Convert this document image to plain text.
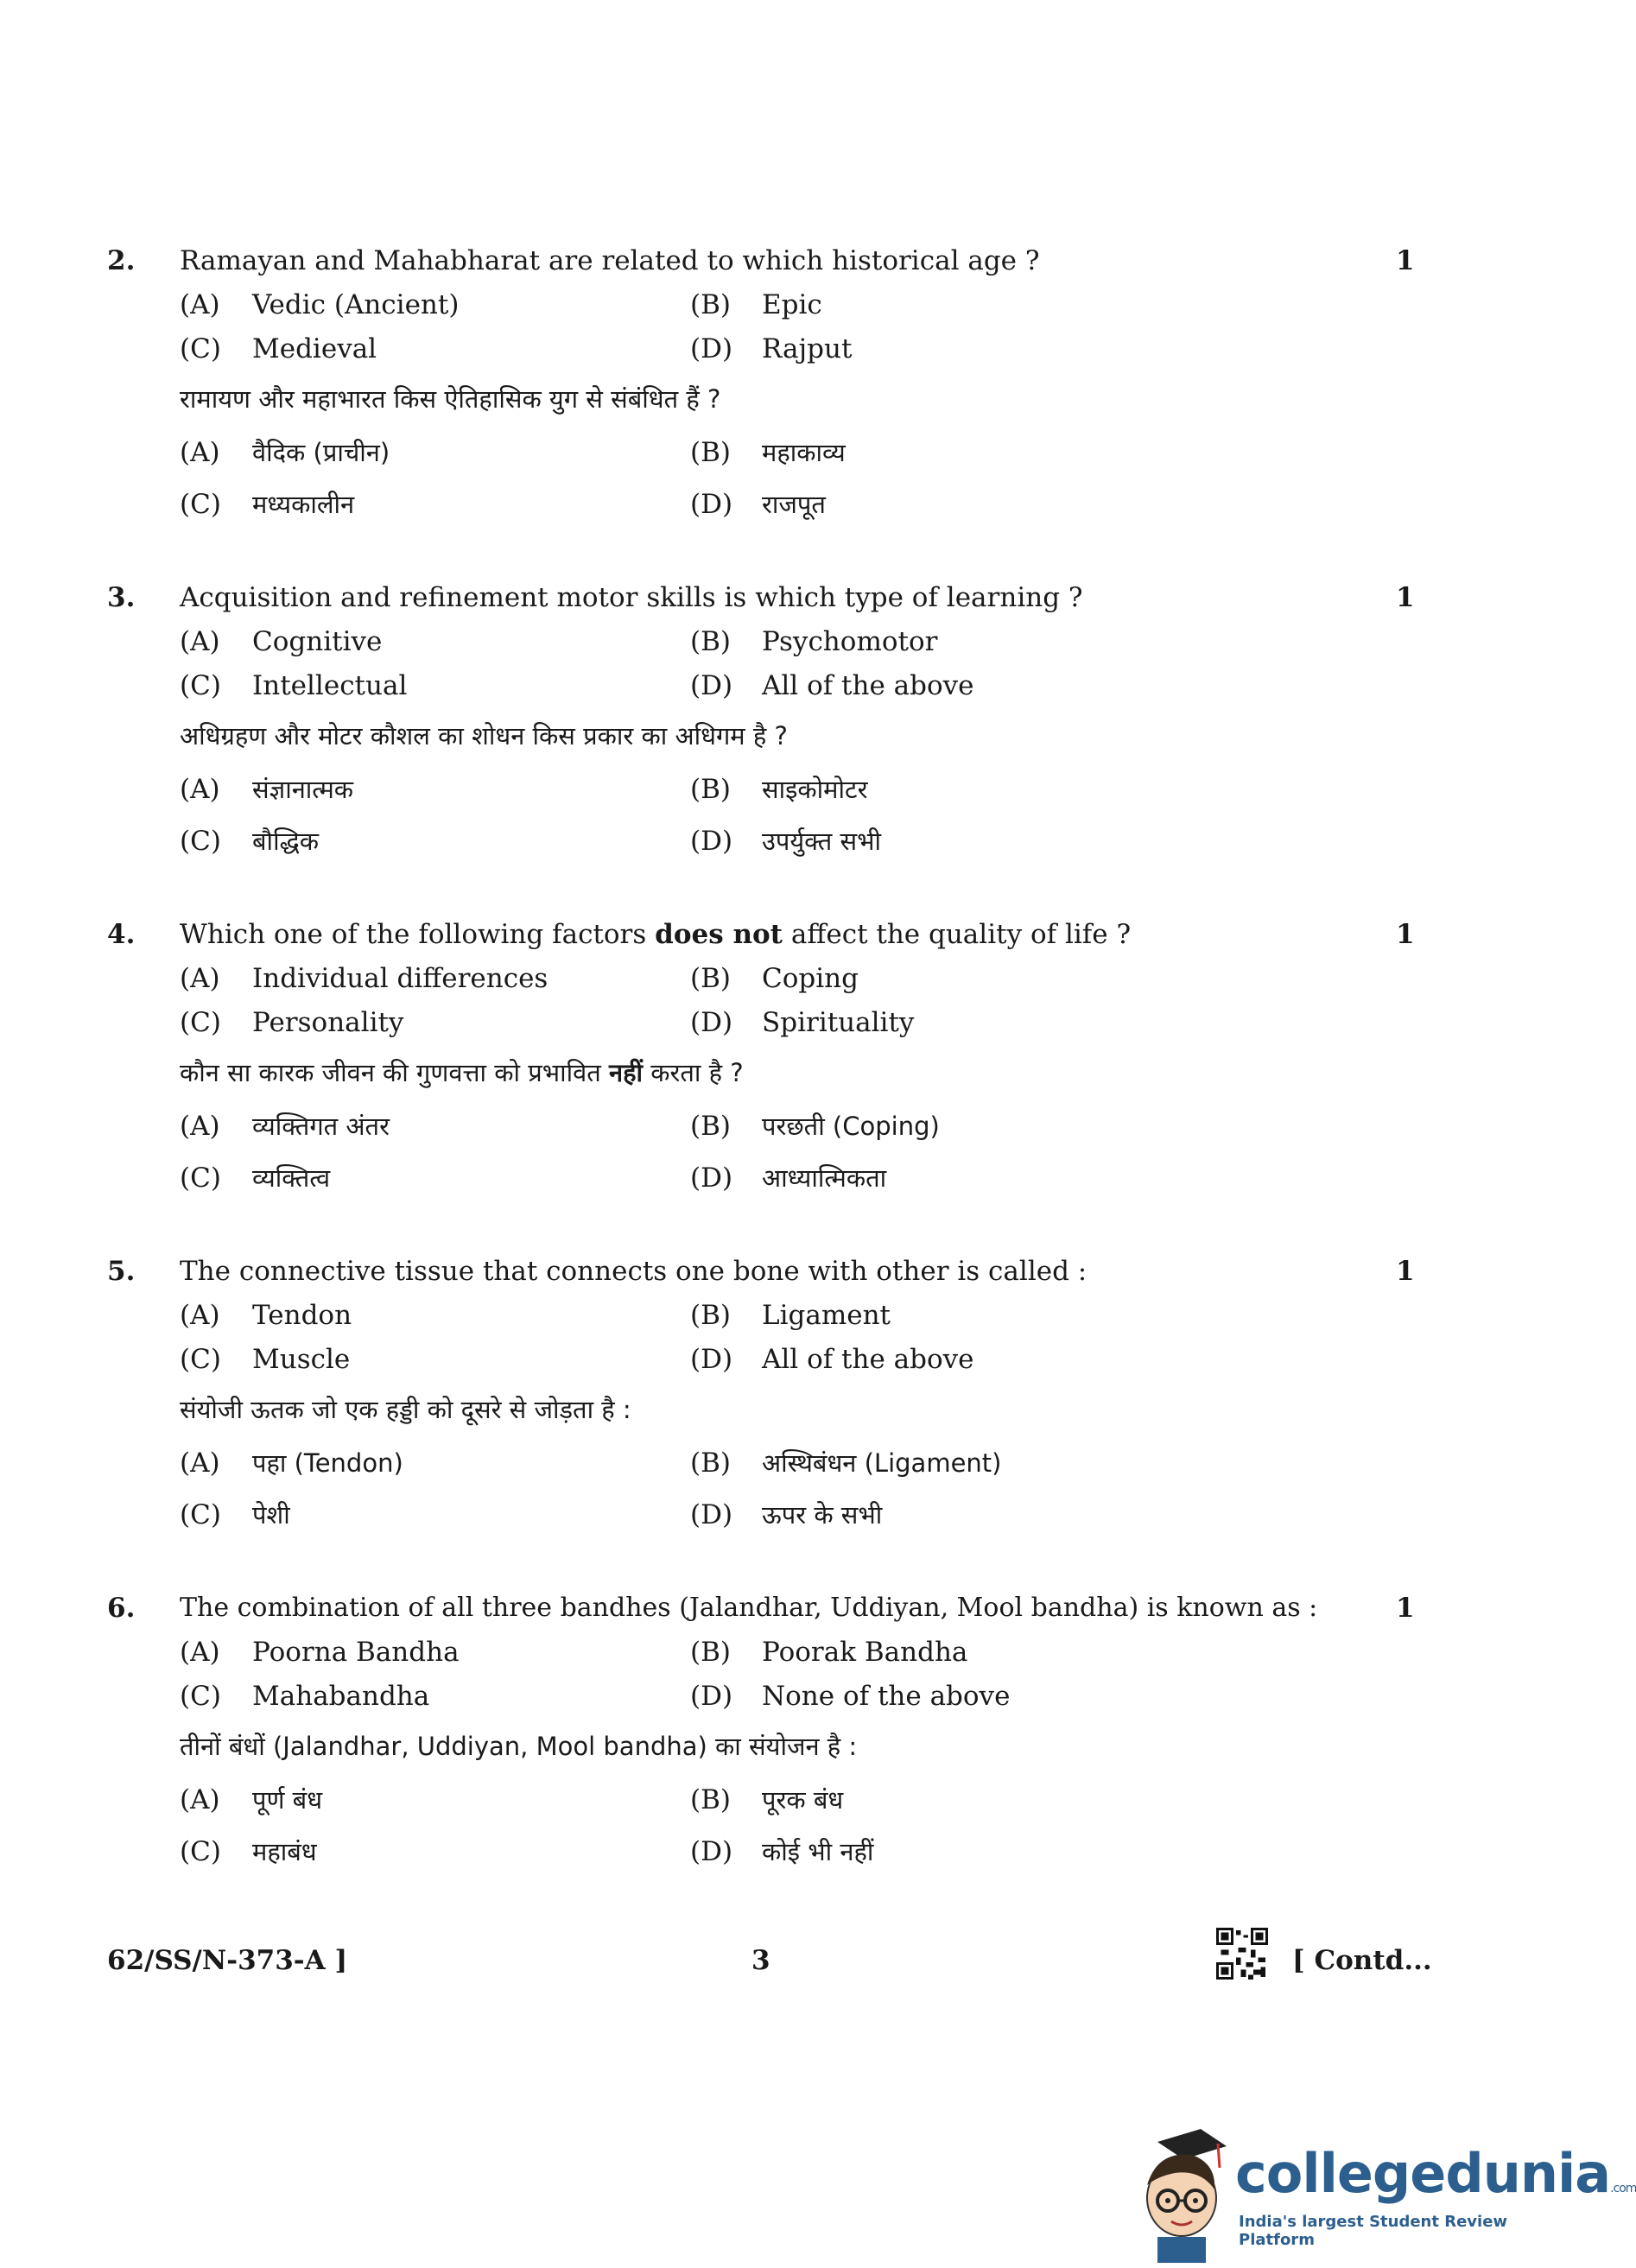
2. Ramayan and Mahabharat are related to which historical age ?	1
(A) Vedic (Ancient)	(B) Epic
(C) Medieval	(D) Rajput
रामायण और महाभारत किस ऐतिहासिक युग से संबंधित हैं ?
(A) वैदिक (प्राचीन)	(B) महाकाव्य
(C) मध्यकालीन	(D) राजपूत
3. Acquisition and refinement motor skills is which type of learning ?	1
(A) Cognitive	(B) Psychomotor
(C) Intellectual	(D) All of the above
अधिग्रहण और मोटर कौशल का शोधन किस प्रकार का अधिगम है ?
(A) संज्ञानात्मक	(B) साइकोमोटर
(C) बौद्धिक	(D) उपर्युक्त सभी
4. Which one of the following factors does not affect the quality of life ?	1
(A) Individual differences	(B) Coping
(C) Personality	(D) Spirituality
कौन सा कारक जीवन की गुणवत्ता को प्रभावित नहीं करता है ?
(A) व्यक्तिगत अंतर	(B) परछती (Coping)
(C) व्यक्तित्व	(D) आध्यात्मिकता
5. The connective tissue that connects one bone with other is called :	1
(A) Tendon	(B) Ligament
(C) Muscle	(D) All of the above
संयोजी ऊतक जो एक हड्डी को दूसरे से जोड़ता है :
(A) पहा (Tendon)	(B) अस्थिबंधन (Ligament)
(C) पेशी	(D) ऊपर के सभी
6. The combination of all three bandhes (Jalandhar, Uddiyan, Mool bandha) is known as :	1
(A) Poorna Bandha	(B) Poorak Bandha
(C) Mahabandha	(D) None of the above
तीनों बंधों (Jalandhar, Uddiyan, Mool bandha) का संयोजन है :
(A) पूर्ण बंध	(B) पूरक बंध
(C) महाबंध	(D) कोई भी नहीं
62/SS/N-373-A ]	3	[ Contd...
collegedunia.com
India's largest Student Review Platform
